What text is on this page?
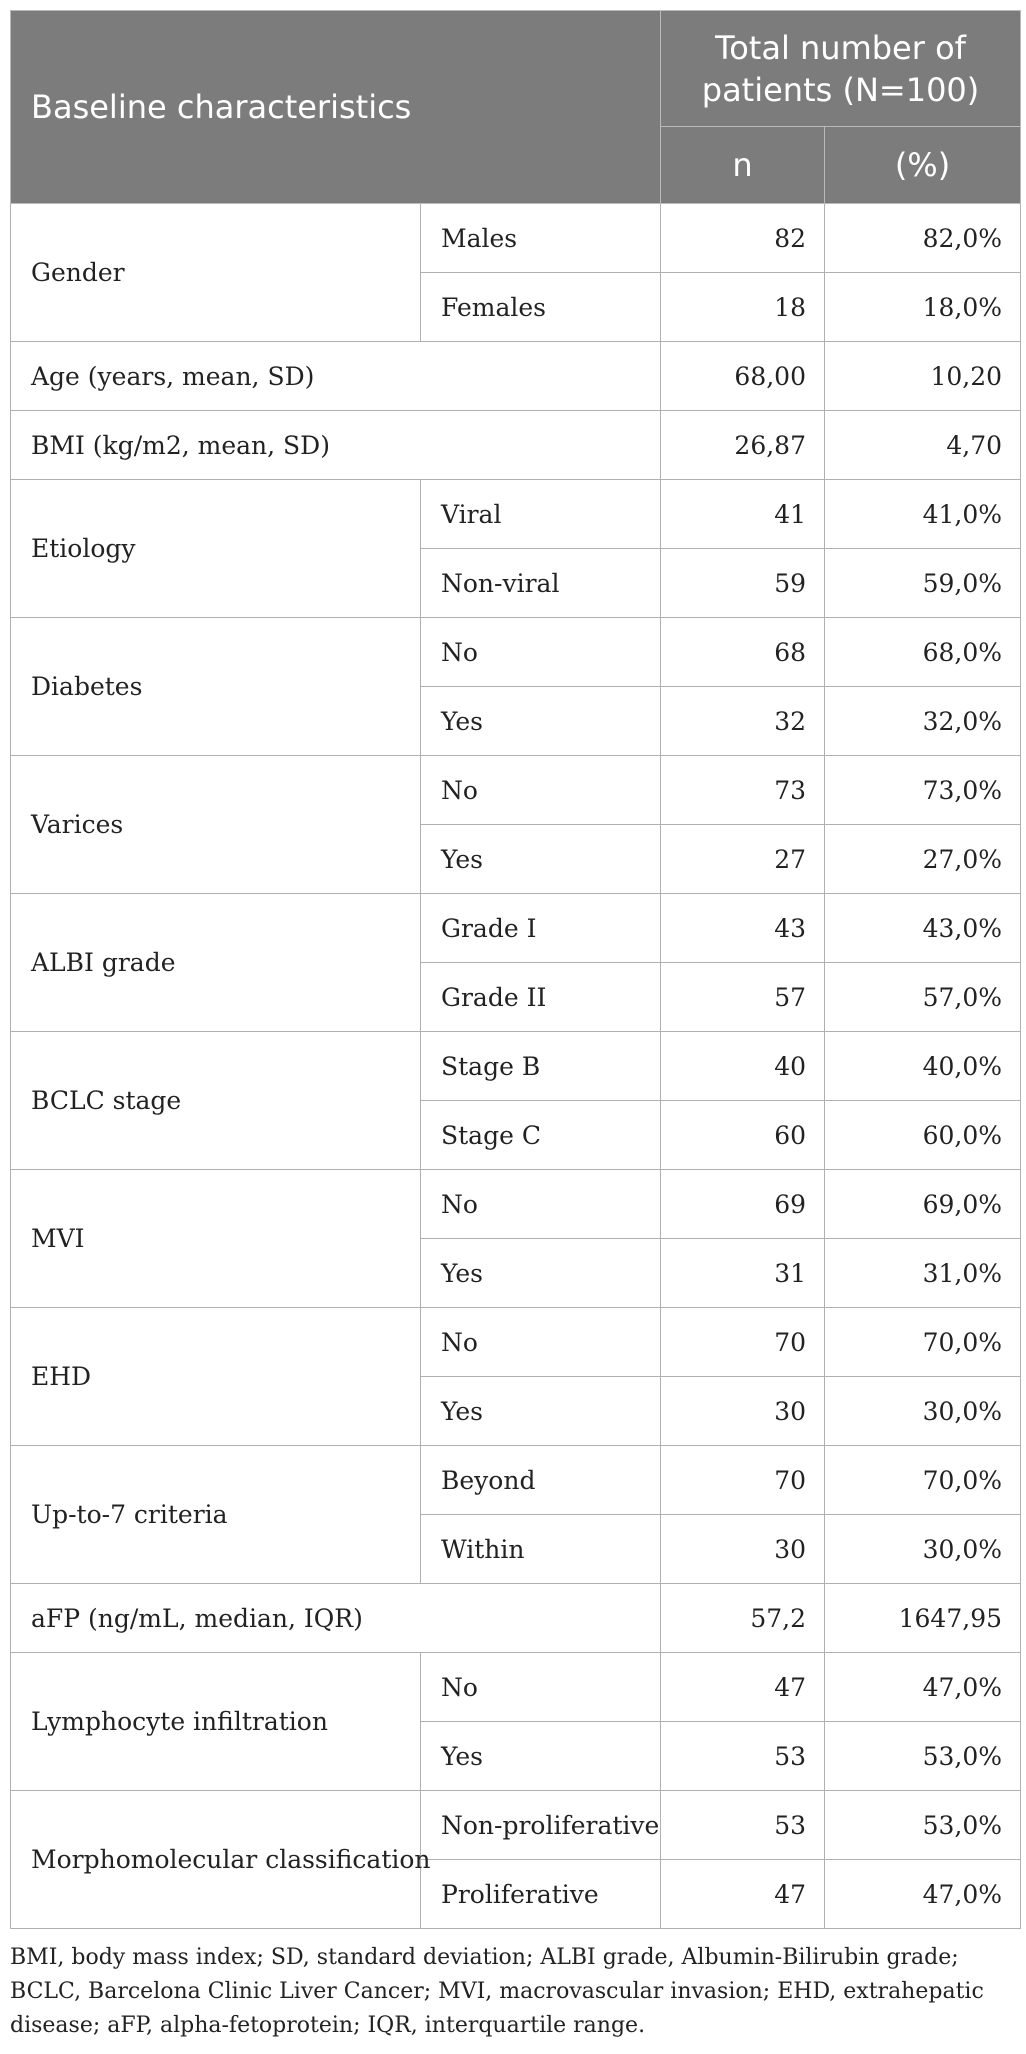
Baseline characteristics		Total number of
patients (N=100)	
		n	(%)
Gender	Males	82	82,0%
	Females	18	18,0%
Age (years, mean, SD)		68,00	10,20
BMI (kg/m2, mean, SD)		26,87	4,70
Etiology	Viral	41	41,0%
	Non-viral	59	59,0%
Diabetes	No	68	68,0%
	Yes	32	32,0%
Varices	No	73	73,0%
	Yes	27	27,0%
ALBI grade	Grade I	43	43,0%
	Grade II	57	57,0%
BCLC stage	Stage B	40	40,0%
	Stage C	60	60,0%
MVI	No	69	69,0%
	Yes	31	31,0%
EHD	No	70	70,0%
	Yes	30	30,0%
Up-to-7 criteria	Beyond	70	70,0%
	Within	30	30,0%
aFP (ng/mL, median, IQR)		57,2	1647,95
Lymphocyte infiltration	No	47	47,0%
	Yes	53	53,0%
Morphomolecular classification	Non-proliferative	53	53,0%
	Proliferative	47	47,0%
BMI, body mass index; SD, standard deviation; ALBI grade, Albumin-Bilirubin grade; BCLC, Barcelona Clinic Liver Cancer; MVI, macrovascular invasion; EHD, extrahepatic disease; aFP, alpha-fetoprotein; IQR, interquartile range.
